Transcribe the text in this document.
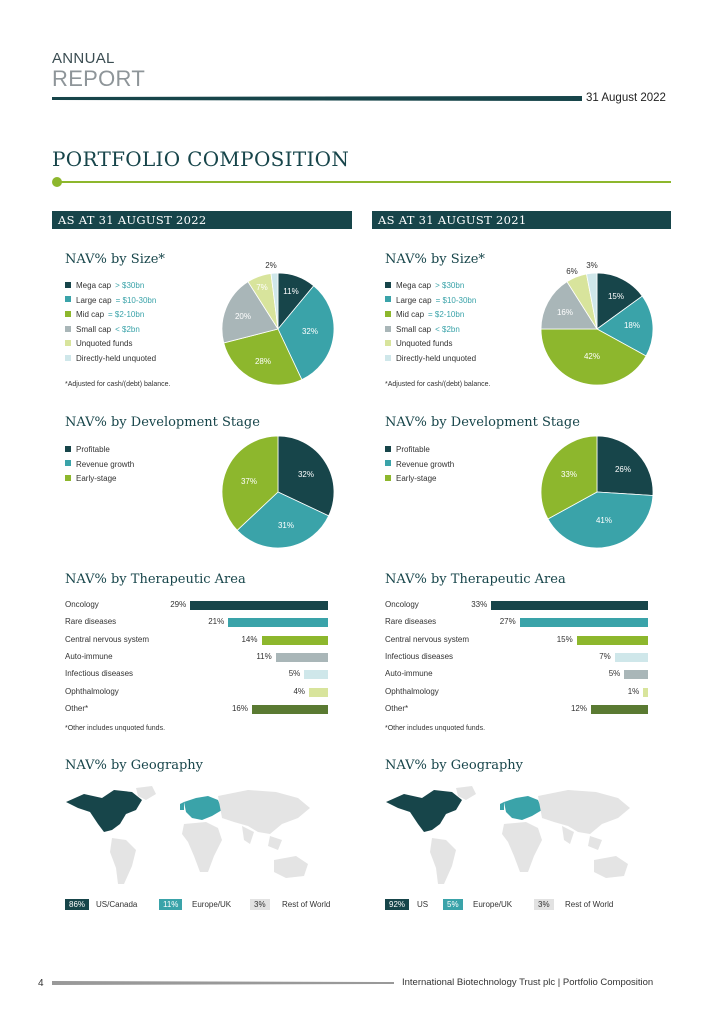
ANNUAL
REPORT
31 August 2022
PORTFOLIO COMPOSITION
AS AT 31 AUGUST 2022	AS AT 31 AUGUST 2021
NAV% by Size*
Mega cap > $30bn
Large cap = $10-30bn
Mid cap = $2-10bn
Small cap < $2bn
Unquoted funds
Directly-held unquoted
*Adjusted for cash/(debt) balance.
11%
32%
28%
20%
7%
2%
NAV% by Development Stage
Profitable
Revenue growth
Early-stage	32%
31%
37%
NAV% by Therapeutic Area
Oncology	29%
Rare diseases	21%
Central nervous system	14%
Auto-immune	11%
Infectious diseases	5%
Ophthalmology	4%
Other*	16%
*Other includes unquoted funds.
NAV% by Geography
86%	US/Canada	11%	Europe/UK	3%	Rest of World
NAV% by Size*
Mega cap > $30bn
Large cap = $10-30bn
Mid cap = $2-10bn
Small cap < $2bn
Unquoted funds
Directly-held unquoted
*Adjusted for cash/(debt) balance.
15%
18%
42%
16%
6%
3%
NAV% by Development Stage
Profitable
Revenue growth
Early-stage
26%
41%
33%
NAV% by Therapeutic Area
Oncology	33%
Rare diseases	27%
Central nervous system	15%
Infectious diseases	7%
Auto-immune	5%
Ophthalmology	1%
Other*	12%
*Other includes unquoted funds.
NAV% by Geography
92%	US	5%	Europe/UK	3%	Rest of World
4	International Biotechnology Trust plc | Portfolio Composition
